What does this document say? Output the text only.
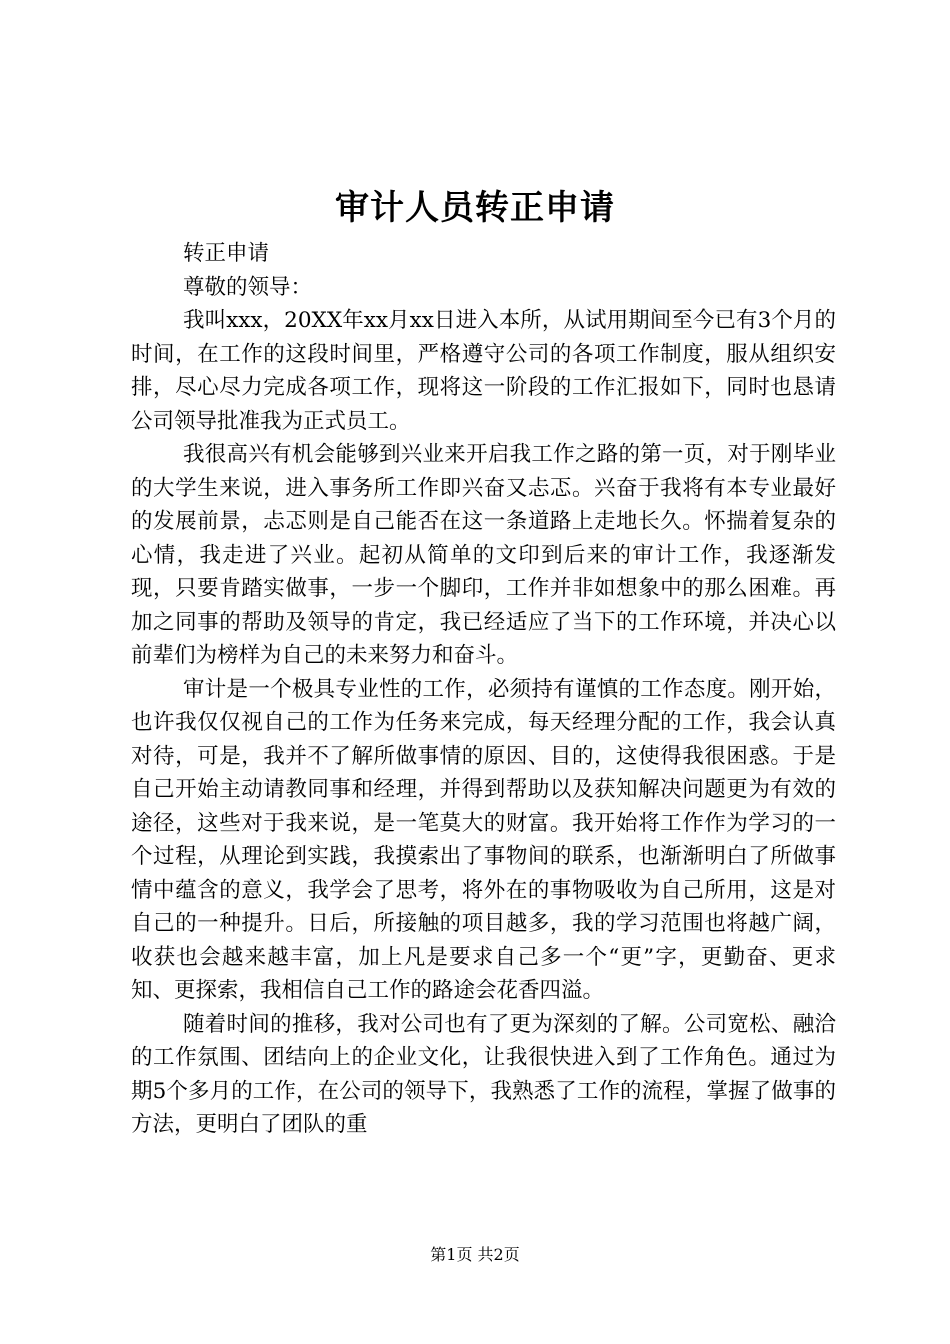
审计人员转正申请

转正申请

尊敬的领导：

我叫xxx，20XX年xx月xx日进入本所，从试用期间至今已有3个月的时间，在工作的这段时间里，严格遵守公司的各项工作制度，服从组织安排，尽心尽力完成各项工作，现将这一阶段的工作汇报如下，同时也恳请公司领导批准我为正式员工。

我很高兴有机会能够到兴业来开启我工作之路的第一页，对于刚毕业的大学生来说，进入事务所工作即兴奋又忐忑。兴奋于我将有本专业最好的发展前景，忐忑则是自己能否在这一条道路上走地长久。怀揣着复杂的心情，我走进了兴业。起初从简单的文印到后来的审计工作，我逐渐发现，只要肯踏实做事，一步一个脚印，工作并非如想象中的那么困难。再加之同事的帮助及领导的肯定，我已经适应了当下的工作环境，并决心以前辈们为榜样为自己的未来努力和奋斗。

审计是一个极具专业性的工作，必须持有谨慎的工作态度。刚开始，也许我仅仅视自己的工作为任务来完成，每天经理分配的工作，我会认真对待，可是，我并不了解所做事情的原因、目的，这使得我很困惑。于是自己开始主动请教同事和经理，并得到帮助以及获知解决问题更为有效的途径，这些对于我来说，是一笔莫大的财富。我开始将工作作为学习的一个过程，从理论到实践，我摸索出了事物间的联系，也渐渐明白了所做事情中蕴含的意义，我学会了思考，将外在的事物吸收为自己所用，这是对自己的一种提升。日后，所接触的项目越多，我的学习范围也将越广阔，收获也会越来越丰富，加上凡是要求自己多一个“更”字，更勤奋、更求知、更探索，我相信自己工作的路途会花香四溢。

随着时间的推移，我对公司也有了更为深刻的了解。公司宽松、融洽的工作氛围、团结向上的企业文化，让我很快进入到了工作角色。通过为期5个多月的工作，在公司的领导下，我熟悉了工作的流程，掌握了做事的方法，更明白了团队的重

第1页 共2页
